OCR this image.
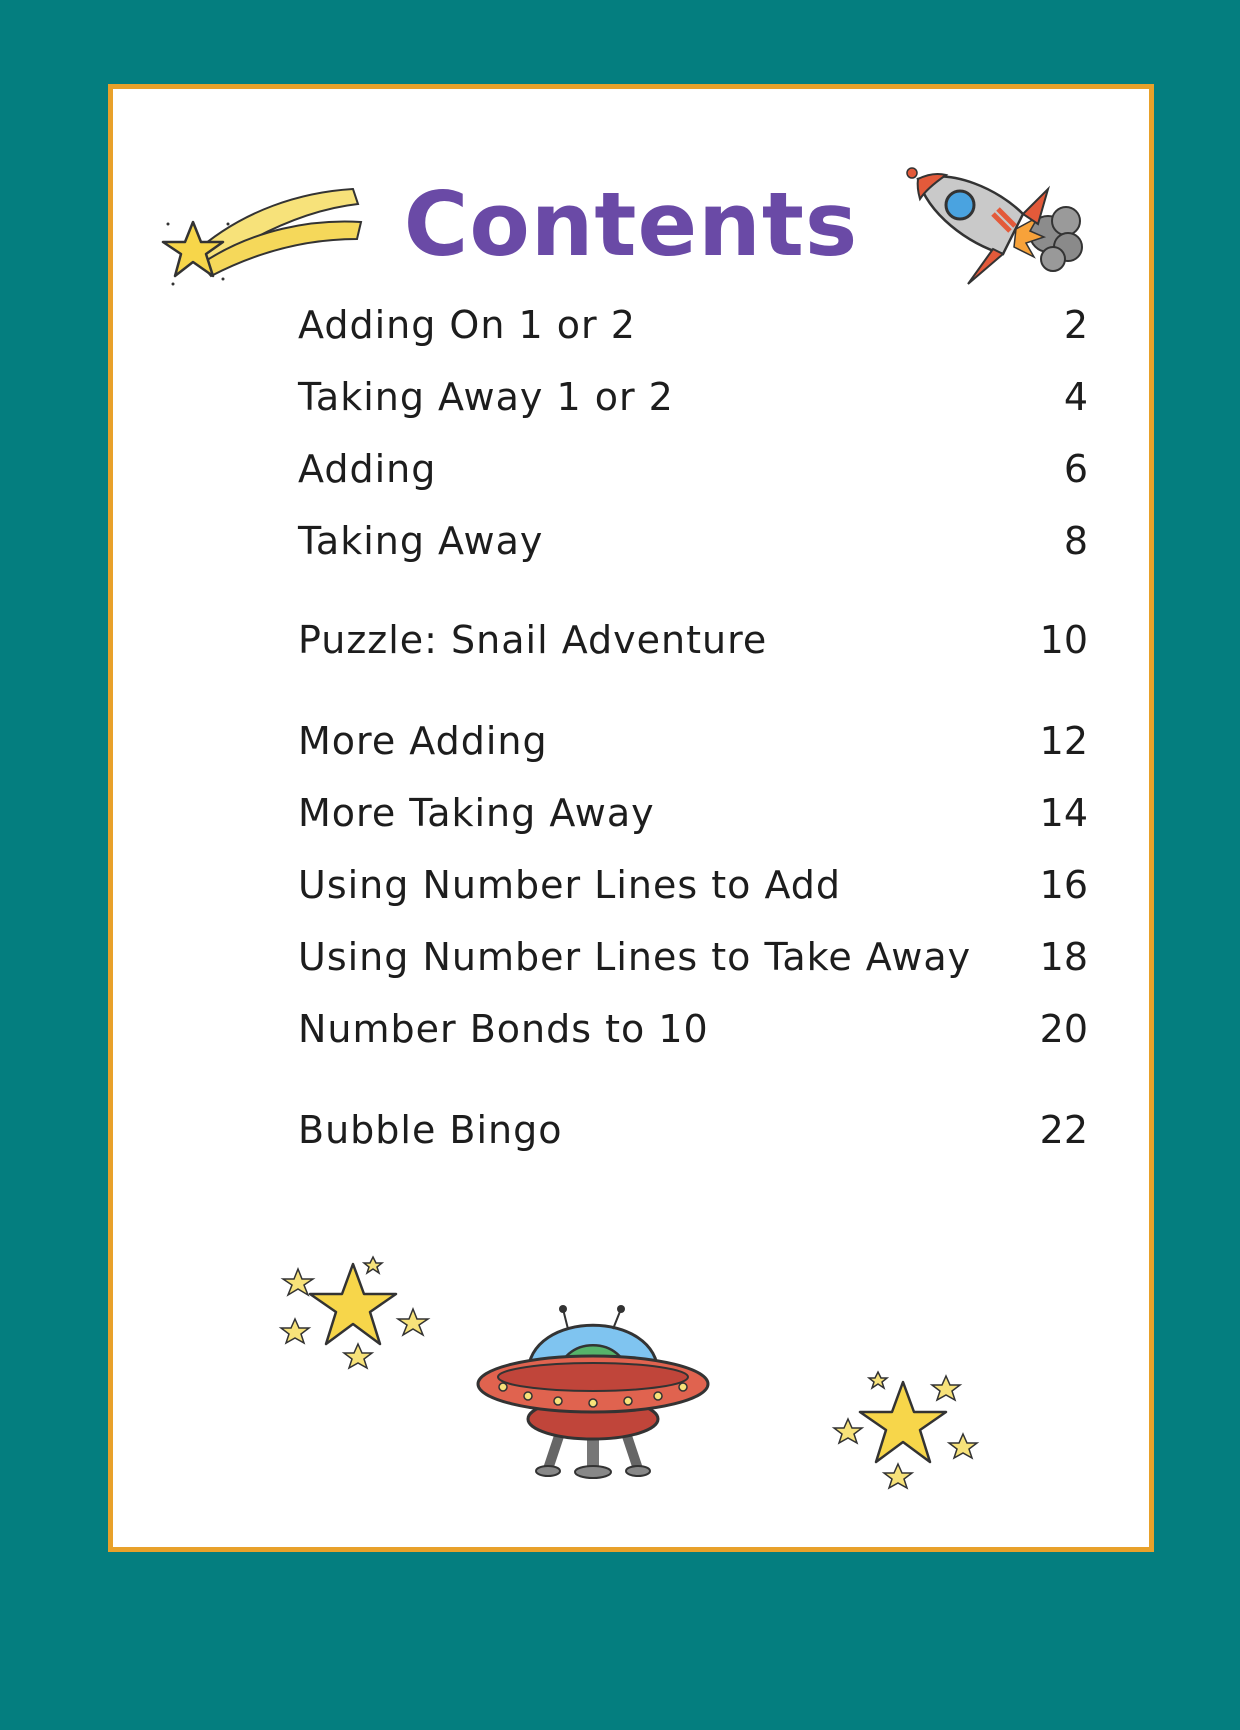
Contents
Adding On 1 or 2	2
Taking Away 1 or 2	4
Adding	6
Taking Away	8
Puzzle: Snail Adventure	10
More Adding	12
More Taking Away	14
Using Number Lines to Add	16
Using Number Lines to Take Away 18
Number Bonds to 10	20
Bubble Bingo	22
